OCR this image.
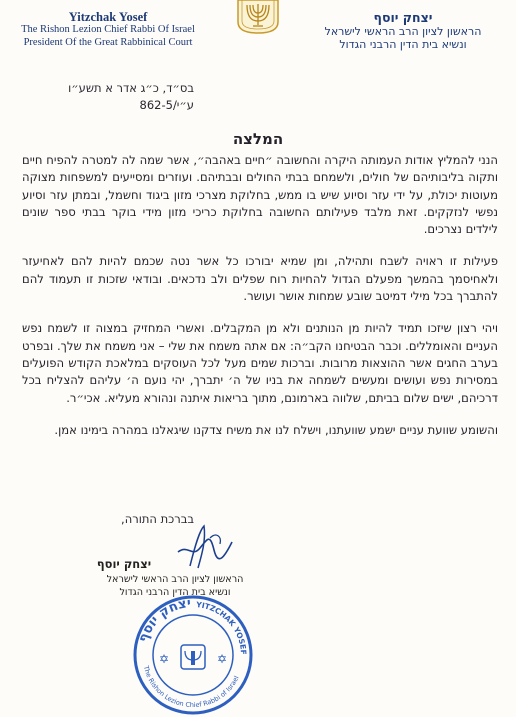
Yitzchak Yosef
The Rishon Lezion Chief Rabbi Of Israel
President Of the Great Rabbinical Court
יצחק יוסף
הראשון לציון הרב הראשי לישראל
ונשיא בית הדין הרבני הגדול
בס״ד, כ״ג אדר א תשע״ו
ע״י/862-5
המלצה

הנני להמליץ אודות העמותה היקרה והחשובה ״חיים באהבה״, אשר שמה לה למטרה להפיח חיים ותקוה בליבותיהם של חולים, ולשמחם בבתי החולים ובבתיהם. ועוזרים ומסייעים למשפחות מצוקה מעוטות יכולת, על ידי עזר וסיוע שיש בו ממש, בחלוקת מצרכי מזון ביגוד וחשמל, ובמתן עזר וסיוע נפשי לנזקקים. זאת מלבד פעילותם החשובה בחלוקת כריכי מזון מידי בוקר בבתי ספר שונים לילדים נצרכים.

פעילות זו ראויה לשבח ותהילה, ומן שמיא יבורכו כל אשר נטה שכמם להיות להם לאחיעזר ולאחיסמך בהמשך מפעלם הגדול להחיות רוח שפלים ולב נדכאים. ובודאי שזכות זו תעמוד להם להתברך בכל מילי דמיטב שובע שמחות אושר ועושר.

ויהי רצון שיזכו תמיד להיות מן הנותנים ולא מן המקבלים. ואשרי המחזיק במצוה זו לשמח נפש העניים והאומללים. וכבר הבטיחנו הקב״ה: אם אתה משמח את שלי – אני משמח את שלך. ובפרט בערב החגים אשר ההוצאות מרובות. וברכות שמים מעל לכל העוסקים במלאכת הקודש הפועלים במסירות נפש ועושים ומעשים לשמחה את בניו של ה׳ יתברך, יהי נועם ה׳ עליהם להצליח בכל דרכיהם, ישים שלום בביתם, שלווה בארמונם, מתוך בריאות איתנה ונהורא מעליא. אכי״ר.

והשומע שוועת עניים ישמע שוועתנו, וישלח לנו את משיח צדקנו שיגאלנו במהרה בימינו אמן.

בברכת התורה,
יצחק יוסף
הראשון לציון הרב הראשי לישראל
ונשיא בית הדין הרבני הגדול
יצחק יוסף YITZCHAK YOSEF
The Rishon Lezion Chief Rabbi of Israel
✡	✡
